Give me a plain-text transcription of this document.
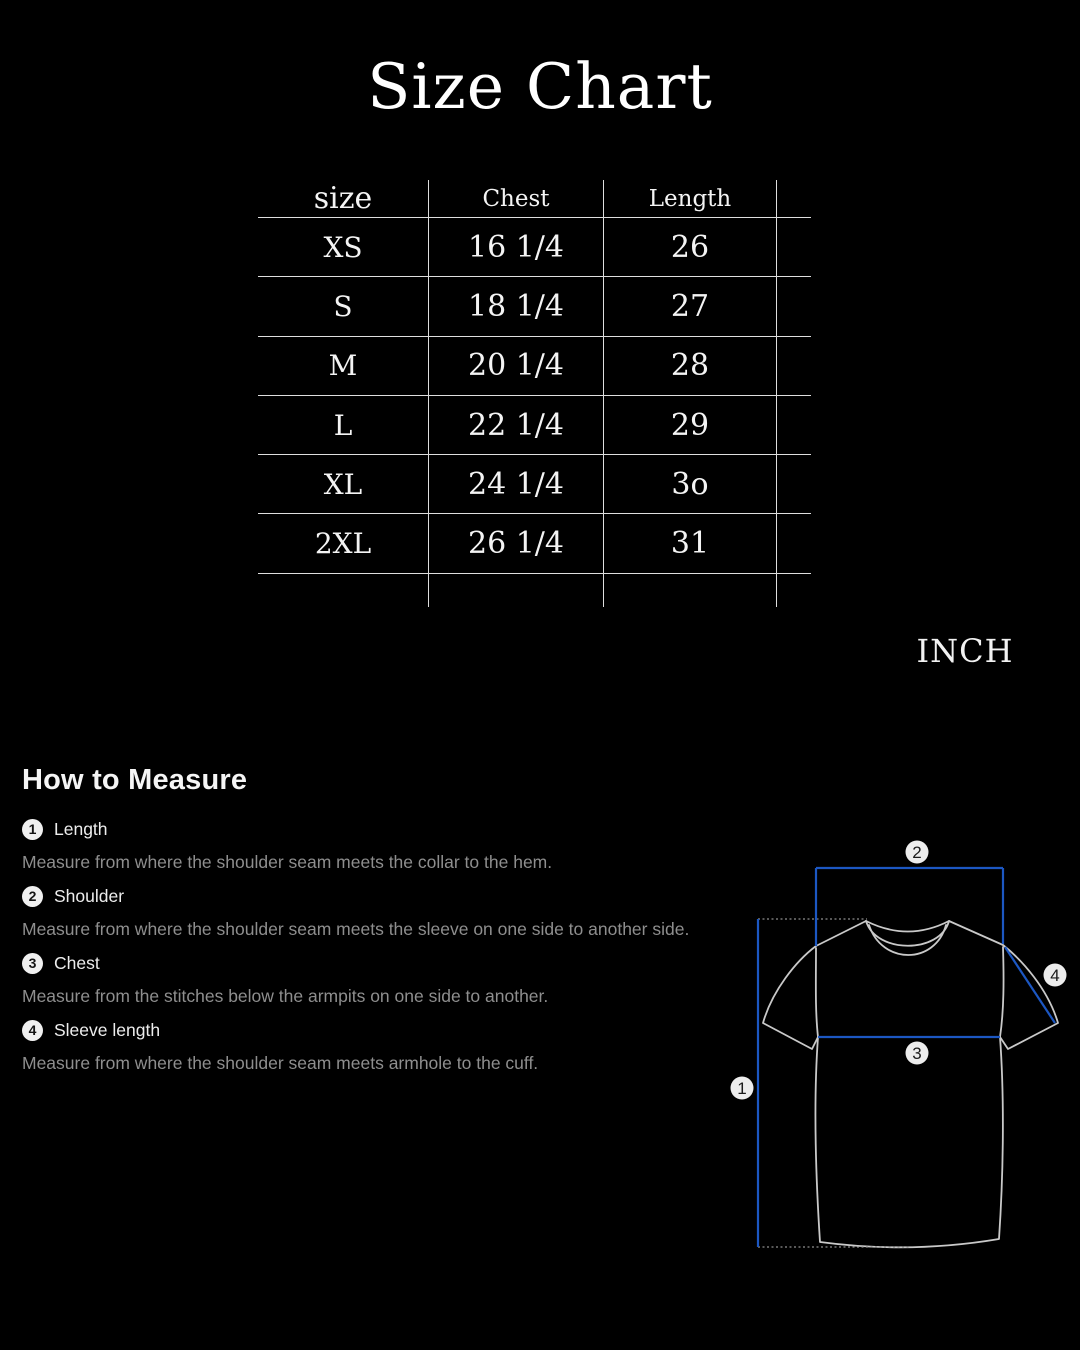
Size Chart
size	Chest	Length
XS	16 1/4	26
S	18 1/4	27
M	20 1/4	28
L	22 1/4	29
XL	24 1/4	3o
2XL	26 1/4	31
INCH
How to Measure
1	Length

Measure from where the shoulder seam meets the collar to the hem.

2	Shoulder

Measure from where the shoulder seam meets the sleeve on one side to another side.

3	Chest

Measure from the stitches below the armpits on one side to another.

4	Sleeve length

Measure from where the shoulder seam meets armhole to the cuff.

1
2
3
4
